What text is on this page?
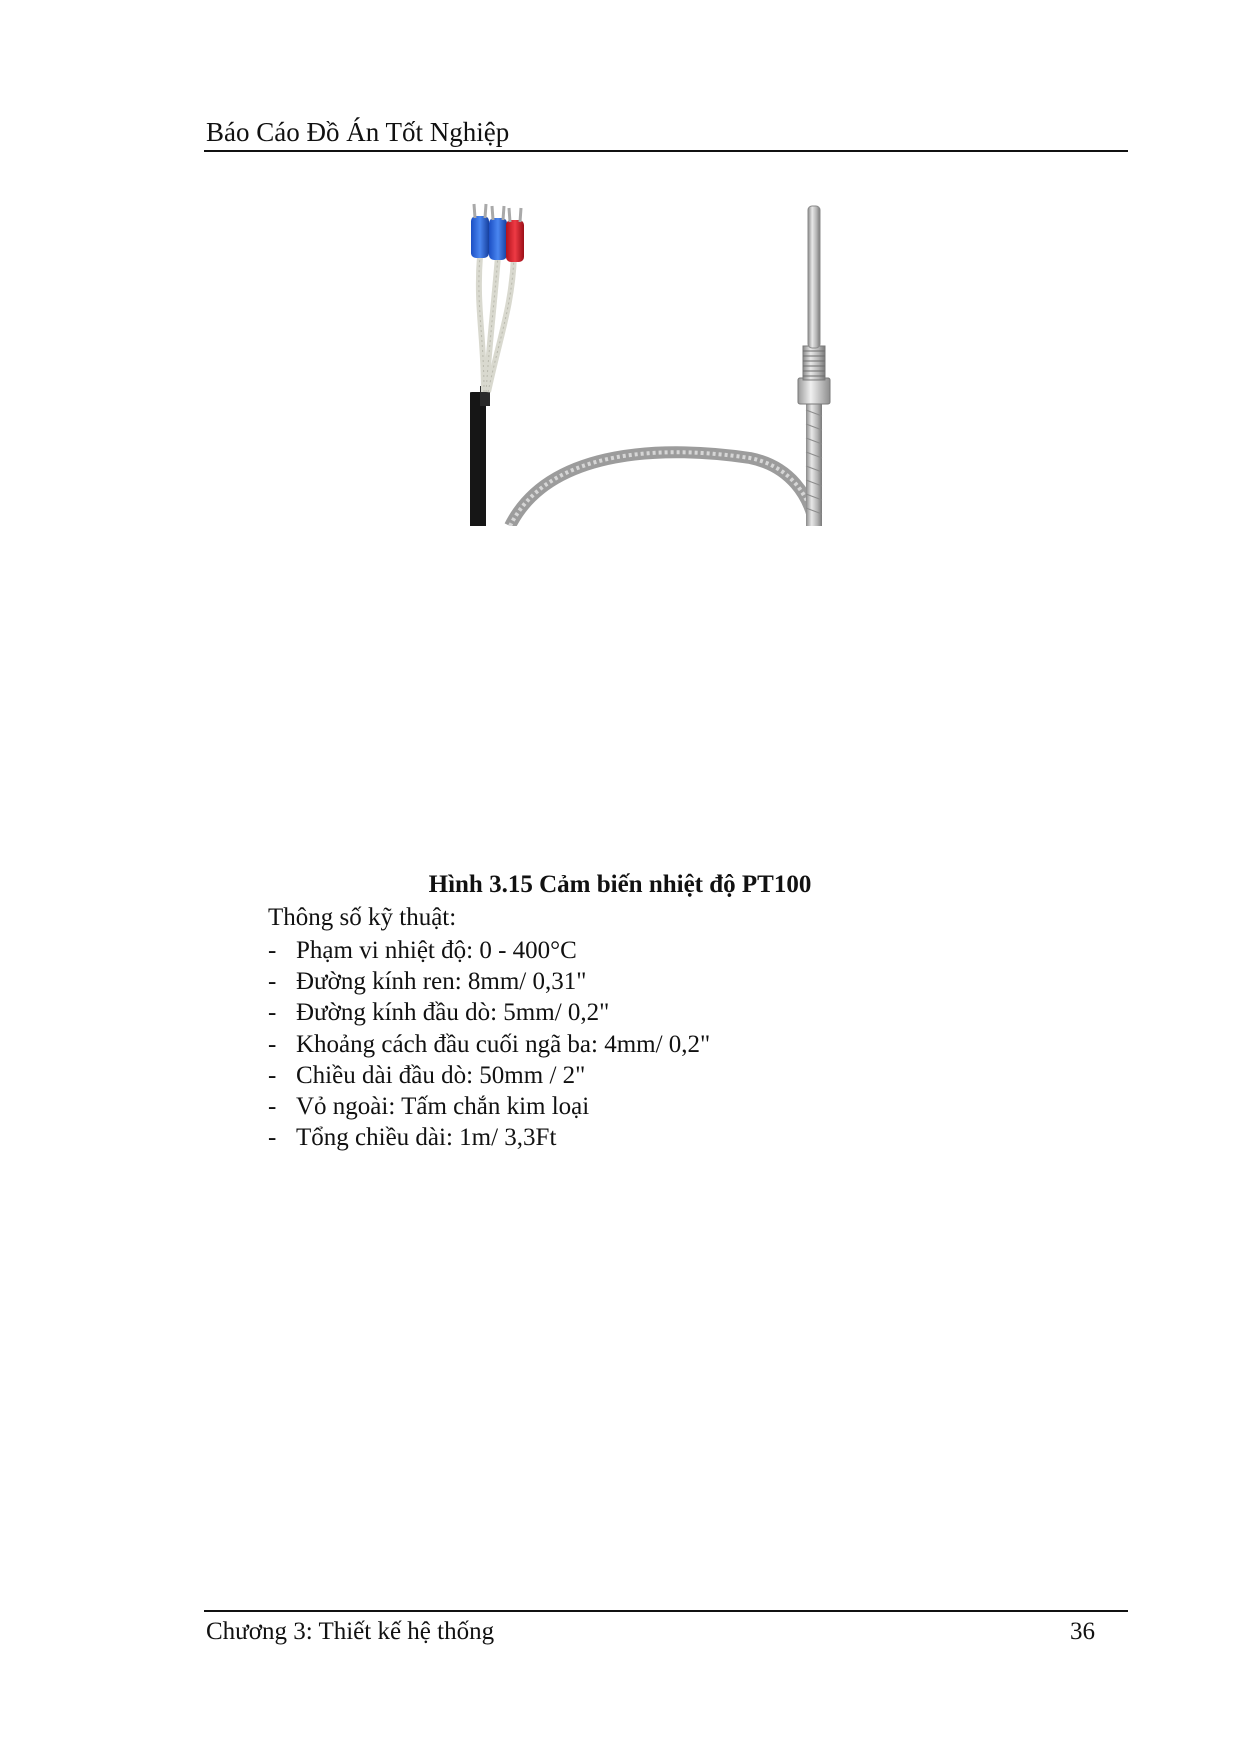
Báo Cáo Đồ Án Tốt Nghiệp
Hình 3.15 Cảm biến nhiệt độ PT100
Thông số kỹ thuật:
- Phạm vi nhiệt độ: 0 - 400°C
- Đường kính ren: 8mm/ 0,31"
- Đường kính đầu dò: 5mm/ 0,2"
- Khoảng cách đầu cuối ngã ba: 4mm/ 0,2"
- Chiều dài đầu dò: 50mm / 2"
- Vỏ ngoài: Tấm chắn kim loại
- Tổng chiều dài: 1m/ 3,3Ft
Chương 3: Thiết kế hệ thống	36
